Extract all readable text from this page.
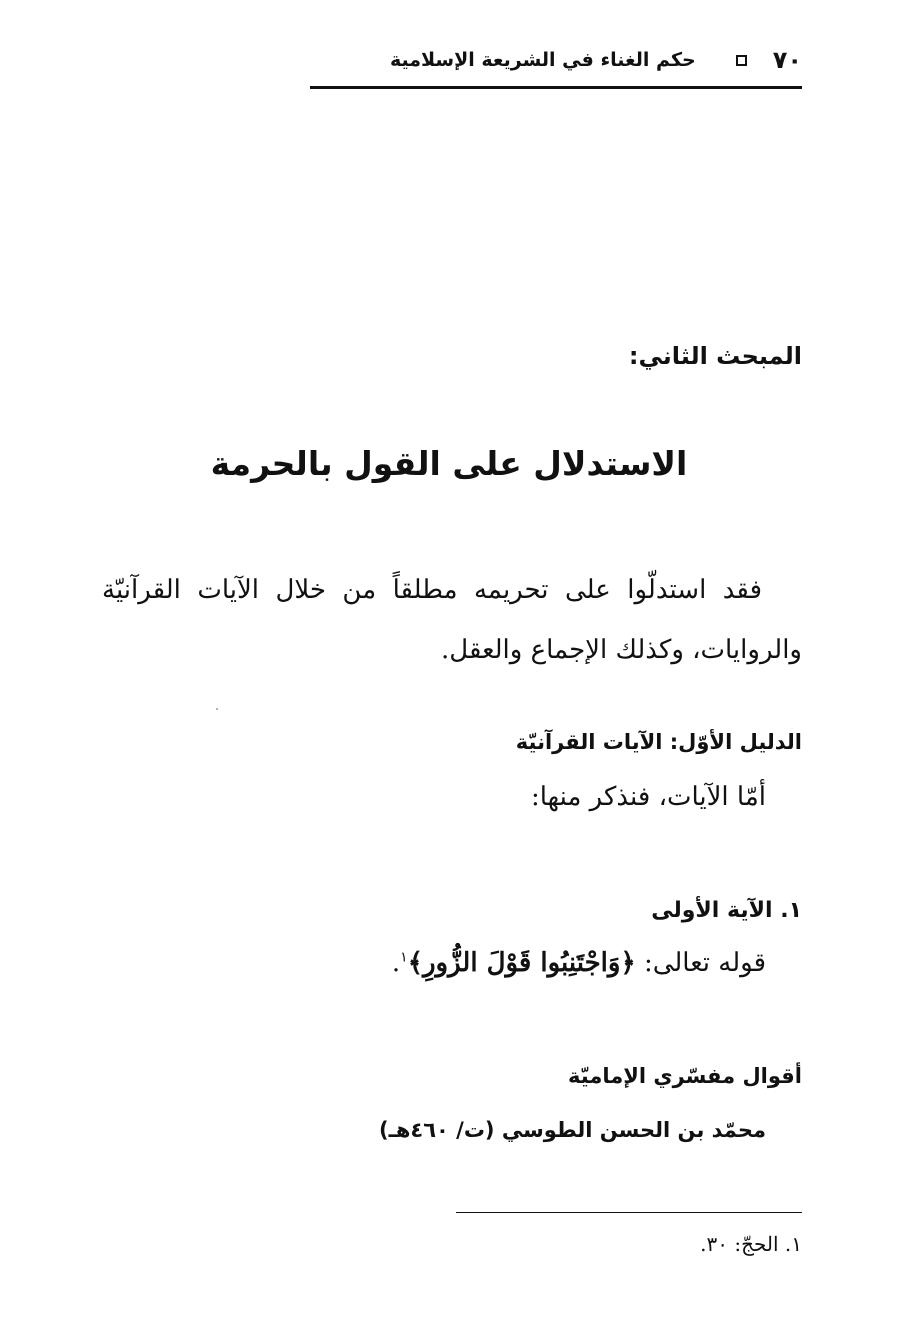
٧٠
حكم الغناء في الشريعة الإسلامية
المبحث الثاني:
الاستدلال على القول بالحرمة

فقد استدلّوا على تحريمه مطلقاً من خلال الآيات القرآنيّة والروايات، وكذلك الإجماع والعقل.

الدليل الأوّل: الآيات القرآنيّة
أمّا الآيات، فنذكر منها:
١. الآية الأولى
قوله تعالى: ﴿وَاجْتَنِبُوا قَوْلَ الزُّورِ﴾$^١$.
أقوال مفسّري الإماميّة
محمّد بن الحسن الطوسي (ت/ ٤٦٠هـ)
١. الحجّ: ٣٠.
